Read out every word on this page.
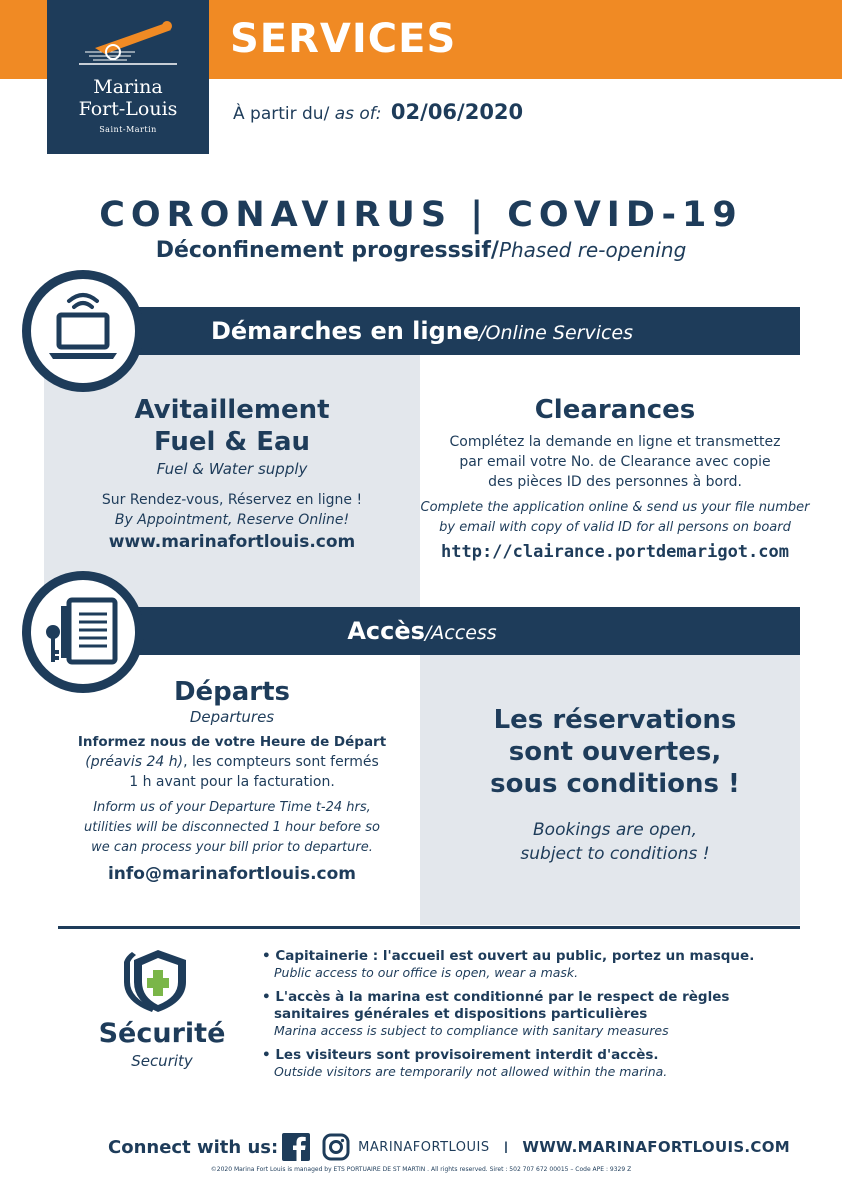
SERVICES
Marina
Fort-Louis
Saint-Martin
À partir du/ as of: 02/06/2020
CORONAVIRUS | COVID-19
Déconfinement progresssif/Phased re-opening
Démarches en ligne/Online Services
Avitaillement
Fuel & Eau
Fuel & Water supply
Sur Rendez-vous, Réservez en ligne !
By Appointment, Reserve Online!
www.marinafortlouis.com
Clearances
Complétez la demande en ligne et transmettez
par email votre No. de Clearance avec copie
des pièces ID des personnes à bord.
Complete the application online & send us your file number
by email with copy of valid ID for all persons on board
http://clairance.portdemarigot.com
Accès/Access
Départs
Departures
Informez nous de votre Heure de Départ
(préavis 24 h), les compteurs sont fermés
1 h avant pour la facturation.
Inform us of your Departure Time t-24 hrs,
utilities will be disconnected 1 hour before so
we can process your bill prior to departure.
info@marinafortlouis.com
Les réservations
sont ouvertes,
sous conditions !
Bookings are open,
subject to conditions !
Sécurité
Security
• Capitainerie : l'accueil est ouvert au public, portez un masque.
Public access to our office is open, wear a mask.
• L'accès à la marina est conditionné par le respect de règles
sanitaires générales et dispositions particulières
Marina access is subject to compliance with sanitary measures
• Les visiteurs sont provisoirement interdit d'accès.
Outside visitors are temporarily not allowed within the marina.
Connect with us:	MARINAFORTLOUIS I WWW.MARINAFORTLOUIS.COM
©2020 Marina Fort Louis is managed by ETS PORTUAIRE DE ST MARTIN . All rights reserved. Siret : 502 707 672 00015 – Code APE : 9329 Z
